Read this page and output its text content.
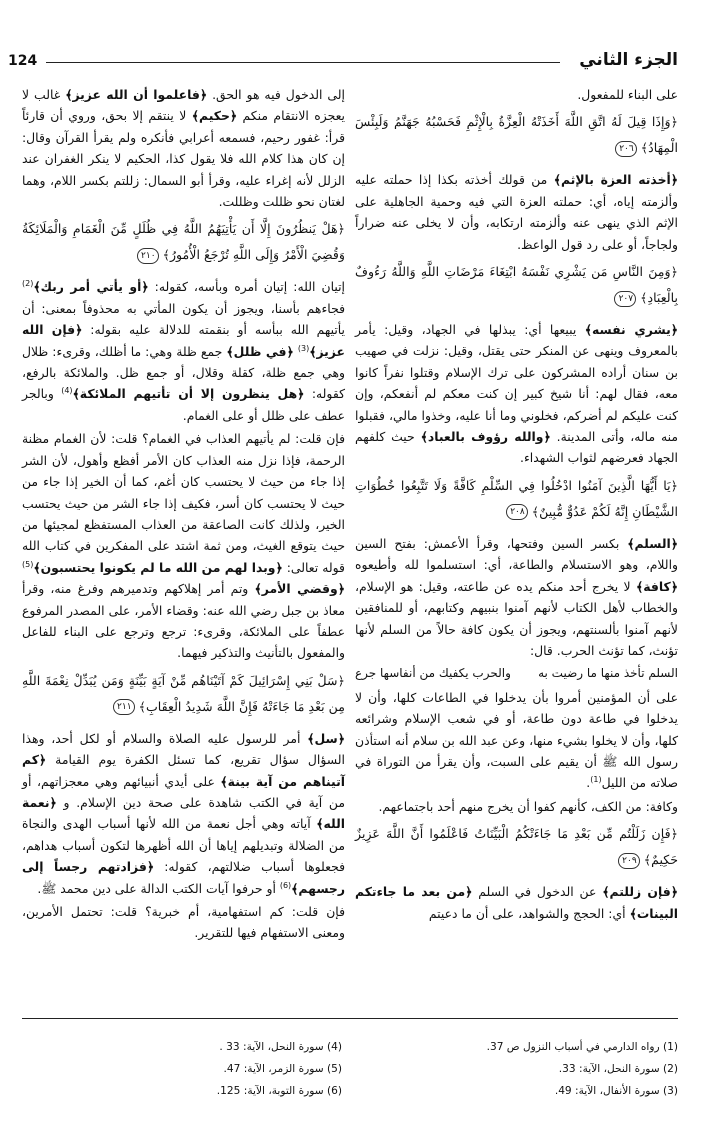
الجزء الثاني
124

على البناء للمفعول.

﴿وَإِذَا قِيلَ لَهُ اتَّقِ اللَّهَ أَخَذَتْهُ الْعِزَّةُ بِالْإِثْمِ فَحَسْبُهُ جَهَنَّمُ وَلَبِئْسَ الْمِهَادُ﴾ ٢٠٦

﴿أخذته العزة بالإثم﴾ من قولك أخذته بكذا إذا حملته عليه وألزمته إياه، أي: حملته العزة التي فيه وحمية الجاهلية على الإثم الذي ينهى عنه وألزمته ارتكابه، وأن لا يخلى عنه ضراراً ولجاجاً، أو على رد قول الواعظ.

﴿وَمِنَ النَّاسِ مَن يَشْرِي نَفْسَهُ ابْتِغَاءَ مَرْضَاتِ اللَّهِ وَاللَّهُ رَءُوفٌ بِالْعِبَادِ﴾ ٢٠٧

﴿يشري نفسه﴾ يبيعها أي: يبذلها في الجهاد، وقيل: يأمر بالمعروف وينهى عن المنكر حتى يقتل، وقيل: نزلت في صهيب بن سنان أراده المشركون على ترك الإسلام وقتلوا نفراً كانوا معه، فقال لهم: أنا شيخ كبير إن كنت معكم لم أنفعكم، وإن كنت عليكم لم أضركم، فخلوني وما أنا عليه، وخذوا مالي، فقبلوا منه ماله، وأتى المدينة. ﴿والله رؤوف بالعباد﴾ حيث كلفهم الجهاد فعرضهم لثواب الشهداء.

﴿يَا أَيُّهَا الَّذِينَ آمَنُوا ادْخُلُوا فِي السِّلْمِ كَافَّةً وَلَا تَتَّبِعُوا خُطُوَاتِ الشَّيْطَانِ إِنَّهُ لَكُمْ عَدُوٌّ مُّبِينٌ﴾ ٢٠٨

﴿السلم﴾ بكسر السين وفتحها، وقرأ الأعمش: بفتح السين واللام، وهو الاستسلام والطاعة، أي: استسلموا لله وأطيعوه ﴿كافة﴾ لا يخرج أحد منكم يده عن طاعته، وقيل: هو الإسلام، والخطاب لأهل الكتاب لأنهم آمنوا بنبيهم وكتابهم، أو للمنافقين لأنهم آمنوا بألسنتهم، ويجوز أن يكون كافة حالاً من السلم لأنها تؤنث، كما تؤنث الحرب. قال:

السلم تأخذ منها ما رضيت به
والحرب يكفيك من أنفاسها جرع

على أن المؤمنين أمروا بأن يدخلوا في الطاعات كلها، وأن لا يدخلوا في طاعة دون طاعة، أو في شعب الإسلام وشرائعه كلها، وأن لا يخلوا بشيء منها، وعن عبد الله بن سلام أنه استأذن رسول الله ﷺ أن يقيم على السبت، وأن يقرأ من التوراة في صلاته من الليل$^{(1)}$.

وكافة: من الكف، كأنهم كفوا أن يخرج منهم أحد باجتماعهم.

﴿فَإِن زَلَلْتُم مِّن بَعْدِ مَا جَاءَتْكُمُ الْبَيِّنَاتُ فَاعْلَمُوا أَنَّ اللَّهَ عَزِيزٌ حَكِيمٌ﴾ ٢٠٩

﴿فإن زللتم﴾ عن الدخول في السلم ﴿من بعد ما جاءتكم البينات﴾ أي: الحجج والشواهد، على أن ما دعيتم

إلى الدخول فيه هو الحق. ﴿فاعلموا أن الله عزيز﴾ غالب لا يعجزه الانتقام منكم ﴿حكيم﴾ لا ينتقم إلا بحق، وروي أن قارئاً قرأ: غفور رحيم، فسمعه أعرابي فأنكره ولم يقرأ القرآن وقال: إن كان هذا كلام الله فلا يقول كذا، الحكيم لا ينكر الغفران عند الزلل لأنه إغراء عليه، وقرأ أبو السمال: زللتم بكسر اللام، وهما لغتان نحو ظللت وظللت.

﴿هَلْ يَنظُرُونَ إِلَّا أَن يَأْتِيَهُمُ اللَّهُ فِي ظُلَلٍ مِّنَ الْغَمَامِ وَالْمَلَائِكَةُ وَقُضِيَ الْأَمْرُ وَإِلَى اللَّهِ تُرْجَعُ الْأُمُورُ﴾ ٢١٠

إتيان الله: إتيان أمره وبأسه، كقوله: ﴿أو يأتي أمر ربك﴾$^{(2)}$ فجاءهم بأسنا، ويجوز أن يكون المأتي به محذوفاً بمعنى: أن يأتيهم الله ببأسه أو بنقمته للدلالة عليه بقوله: ﴿فإن الله عزيز﴾$^{(3)}$ ﴿في ظلل﴾ جمع ظلة وهي: ما أظلك، وقرىء: ظلال وهي جمع ظلة، كقلة وقلال، أو جمع ظل. والملائكة بالرفع، كقوله: ﴿هل ينظرون إلا أن تأتيهم الملائكة﴾$^{(4)}$ وبالجر عطف على ظلل أو على الغمام.

فإن قلت: لم يأتيهم العذاب في الغمام؟ قلت: لأن الغمام مظنة الرحمة، فإذا نزل منه العذاب كان الأمر أفظع وأهول، لأن الشر إذا جاء من حيث لا يحتسب كان أغم، كما أن الخير إذا جاء من حيث لا يحتسب كان أسر، فكيف إذا جاء الشر من حيث يحتسب الخير، ولذلك كانت الصاعقة من العذاب المستفظع لمجيئها من حيث يتوقع الغيث، ومن ثمة اشتد على المفكرين في كتاب الله قوله تعالى: ﴿وبدا لهم من الله ما لم يكونوا يحتسبون﴾$^{(5)}$ ﴿وقضي الأمر﴾ وتم أمر إهلاكهم وتدميرهم وفرغ منه، وقرأ معاذ بن جبل رضي الله عنه: وقضاء الأمر، على المصدر المرفوع عطفاً على الملائكة، وقرىء: ترجع وترجع على البناء للفاعل والمفعول بالتأنيث والتذكير فيهما.

﴿سَلْ بَنِي إِسْرَائِيلَ كَمْ آتَيْنَاهُم مِّنْ آيَةٍ بَيِّنَةٍ وَمَن يُبَدِّلْ نِعْمَةَ اللَّهِ مِن بَعْدِ مَا جَاءَتْهُ فَإِنَّ اللَّهَ شَدِيدُ الْعِقَابِ﴾ ٢١١

﴿سل﴾ أمر للرسول عليه الصلاة والسلام أو لكل أحد، وهذا السؤال سؤال تقريع، كما تسئل الكفرة يوم القيامة ﴿كم آتيناهم من آية بينة﴾ على أيدي أنبيائهم وهي معجزاتهم، أو من آية في الكتب شاهدة على صحة دين الإسلام. و ﴿نعمة الله﴾ آياته وهي أجل نعمة من الله لأنها أسباب الهدى والنجاة من الضلالة وتبديلهم إياها أن الله أظهرها لتكون أسباب هداهم، فجعلوها أسباب ضلالتهم، كقوله: ﴿فزادتهم رجساً إلى رجسهم﴾$^{(6)}$ أو حرفوا آيات الكتب الدالة على دين محمد ﷺ.

فإن قلت: كم استفهامية، أم خبرية؟ قلت: تحتمل الأمرين، ومعنى الاستفهام فيها للتقرير.

(1) رواه الدارمي في أسباب النزول ص 37.
(2) سورة النحل، الآية: 33.
(3) سورة الأنفال، الآية: 49.
(4) سورة النحل، الآية: 33 .
(5) سورة الزمر، الآية: 47.
(6) سورة التوبة، الآية: 125.
